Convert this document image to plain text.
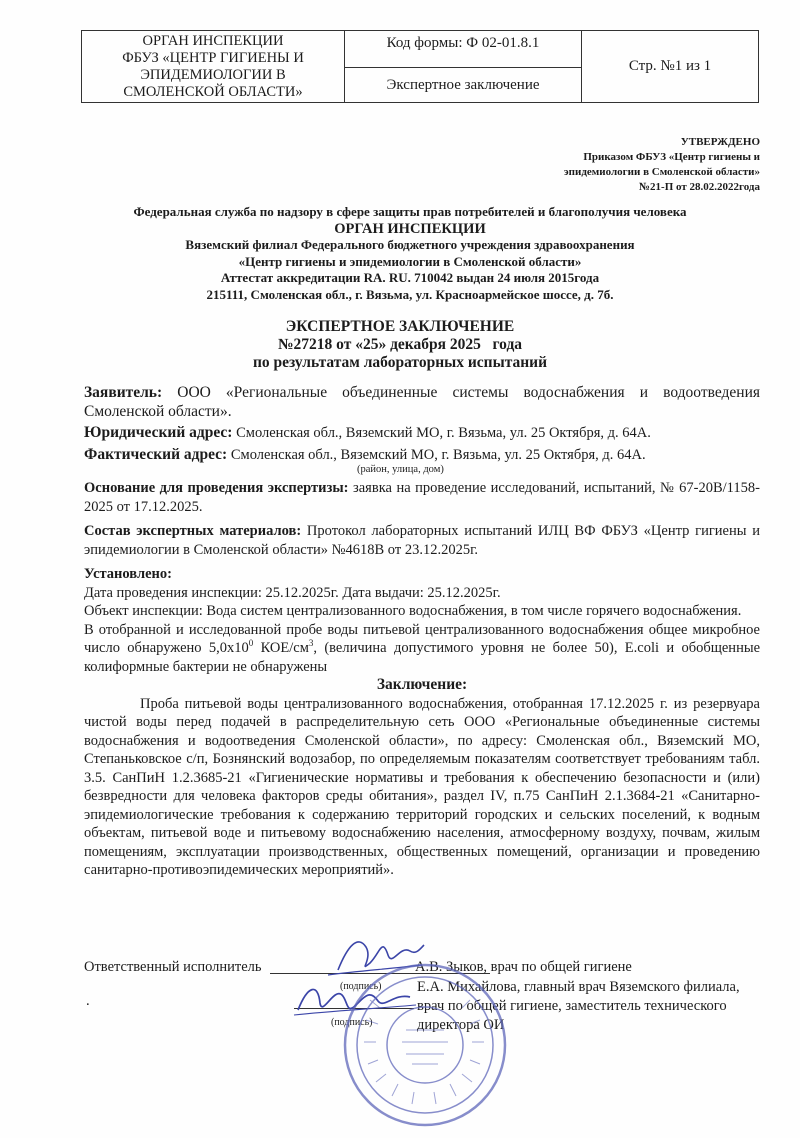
ОРГАН ИНСПЕКЦИИ
ФБУЗ «ЦЕНТР ГИГИЕНЫ И
ЭПИДЕМИОЛОГИИ В
СМОЛЕНСКОЙ ОБЛАСТИ»
Код формы: Ф 02-01.8.1
Экспертное заключение
Стр. №1 из 1
УТВЕРЖДЕНО
Приказом ФБУЗ «Центр гигиены и
эпидемиологии в Смоленской области»
№21-П от 28.02.2022года
Федеральная служба по надзору в сфере защиты прав потребителей и благополучия человека
ОРГАН ИНСПЕКЦИИ
Вяземский филиал Федерального бюджетного учреждения здравоохранения
«Центр гигиены и эпидемиологии в Смоленской области»
Аттестат аккредитации RA. RU. 710042 выдан 24 июля 2015года
215111, Смоленская обл., г. Вязьма, ул. Красноармейское шоссе, д. 7б.
ЭКСПЕРТНОЕ ЗАКЛЮЧЕНИЕ
№27218 от «25» декабря 2025   года
по результатам лабораторных испытаний

Заявитель: ООО «Региональные объединенные системы водоснабжения и водоотведения Смоленской области».

Юридический адрес: Смоленская обл., Вяземский МО, г. Вязьма, ул. 25 Октября, д. 64А.

Фактический адрес: Смоленская обл., Вяземский МО, г. Вязьма, ул. 25 Октября, д. 64А.

(район, улица, дом)

Основание для проведения экспертизы: заявка на проведение исследований, испытаний, № 67-20В/1158-2025 от 17.12.2025.

Состав экспертных материалов: Протокол лабораторных испытаний ИЛЦ ВФ ФБУЗ «Центр гигиены и эпидемиологии в Смоленской области» №4618В от 23.12.2025г.

Установлено:

Дата проведения инспекции: 25.12.2025г. Дата выдачи: 25.12.2025г.

Объект инспекции: Вода систем централизованного водоснабжения, в том числе горячего водоснабжения.

В отобранной и исследованной пробе воды питьевой централизованного водоснабжения общее микробное число обнаружено $5,0х10^0$ КОЕ/$см^3$, (величина допустимого уровня не более 50), E.coli и обобщенные колиформные бактерии не обнаружены

Заключение:

Проба питьевой воды централизованного водоснабжения, отобранная 17.12.2025 г. из резервуара чистой воды перед подачей в распределительную сеть ООО «Региональные объединенные системы водоснабжения и водоотведения Смоленской области», по адресу: Смоленская обл., Вяземский МО, Степаньковское с/п, Бознянский водозабор, по определяемым показателям соответствует требованиям табл. 3.5. СанПиН 1.2.3685-21 «Гигиенические нормативы и требования к обеспечению безопасности и (или) безвредности для человека факторов среды обитания», раздел IV, п.75 СанПиН 2.1.3684-21 «Санитарно-эпидемиологические требования к содержанию территорий городских и сельских поселений, к водным объектам, питьевой воде и питьевому водоснабжению населения, атмосферному воздуху, почвам, жилым помещениям, эксплуатации производственных, общественных помещений, организации и проведению санитарно-противоэпидемических мероприятий».

Ответственный исполнитель	А.В. Зыков, врач по общей гигиене
(подпись)
.
Е.А. Михайлова, главный врач Вяземского филиала, врач по общей гигиене, заместитель технического директора ОИ
(подпись)
